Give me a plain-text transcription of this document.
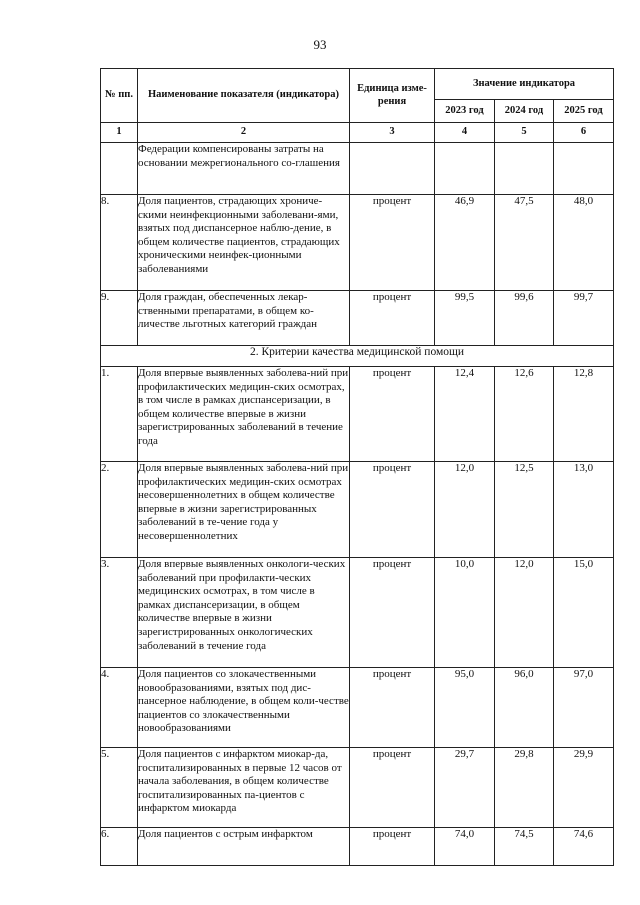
93
№ пп.	Наименование показателя (индикатора)	Единица изме-рения	Значение индикатора		
			2023 год	2024 год	2025 год
1	2	3	4	5	6
	Федерации компенсированы затраты на основании межрегионального со-глашения				
8.	Доля пациентов, страдающих хрониче-скими неинфекционными заболевани-ями, взятых под диспансерное наблю-дение, в общем количестве пациентов, страдающих хроническими неинфек-ционными заболеваниями	процент	46,9	47,5	48,0
9.	Доля граждан, обеспеченных лекар-ственными препаратами, в общем ко-личестве льготных категорий граждан	процент	99,5	99,6	99,7
2. Критерии качества медицинской помощи					
1.	Доля впервые выявленных заболева-ний при профилактических медицин-ских осмотрах, в том числе в рамках диспансеризации, в общем количестве впервые в жизни зарегистрированных заболеваний в течение года	процент	12,4	12,6	12,8
2.	Доля впервые выявленных заболева-ний при профилактических медицин-ских осмотрах несовершеннолетних в общем количестве впервые в жизни зарегистрированных заболеваний в те-чение года у несовершеннолетних	процент	12,0	12,5	13,0
3.	Доля впервые выявленных онкологи-ческих заболеваний при профилакти-ческих медицинских осмотрах, в том числе в рамках диспансеризации, в общем количестве впервые в жизни зарегистрированных онкологических заболеваний в течение года	процент	10,0	12,0	15,0
4.	Доля пациентов со злокачественными новообразованиями, взятых под дис-пансерное наблюдение, в общем коли-честве пациентов со злокачественными новообразованиями	процент	95,0	96,0	97,0
5.	Доля пациентов с инфарктом миокар-да, госпитализированных в первые 12 часов от начала заболевания, в общем количестве госпитализированных па-циентов с инфарктом миокарда	процент	29,7	29,8	29,9
6.	Доля пациентов с острым инфарктом	процент	74,0	74,5	74,6
